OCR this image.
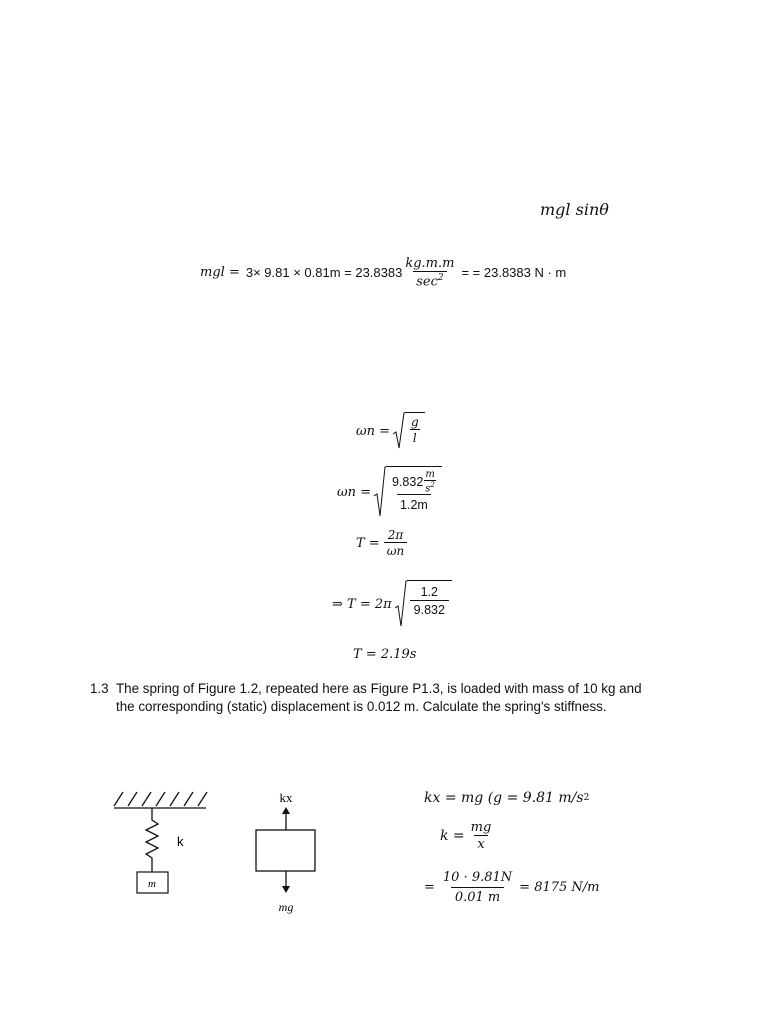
mgl sinθ
mgl = $3\times 9.81 \times 0.81m = 23.8383 \frac{kg.m.m}{\sec^2}$ = = 23.8383 N · m
$\omega n = \frac{g}{l}$
$\omega n = \frac{9.832 \frac{m}{s^2}}{1.2m}$
$T = \frac{2\pi}{\omega n}$
⇒ $T = 2\pi \frac{1.2}{9.832}$
T = 2.19s
1.3 The spring of Figure 1.2, repeated here as Figure P1.3, is loaded with mass of 10 kg and
the corresponding (static) displacement is 0.012 m. Calculate the spring's stiffness.
m
k
kx
mg
kx = mg (g = 9.81 m/s 2
$k = \frac{mg}{x}$
= $\frac{10 \cdot 9.81N}{0.01 m} = 8175$ N/m
